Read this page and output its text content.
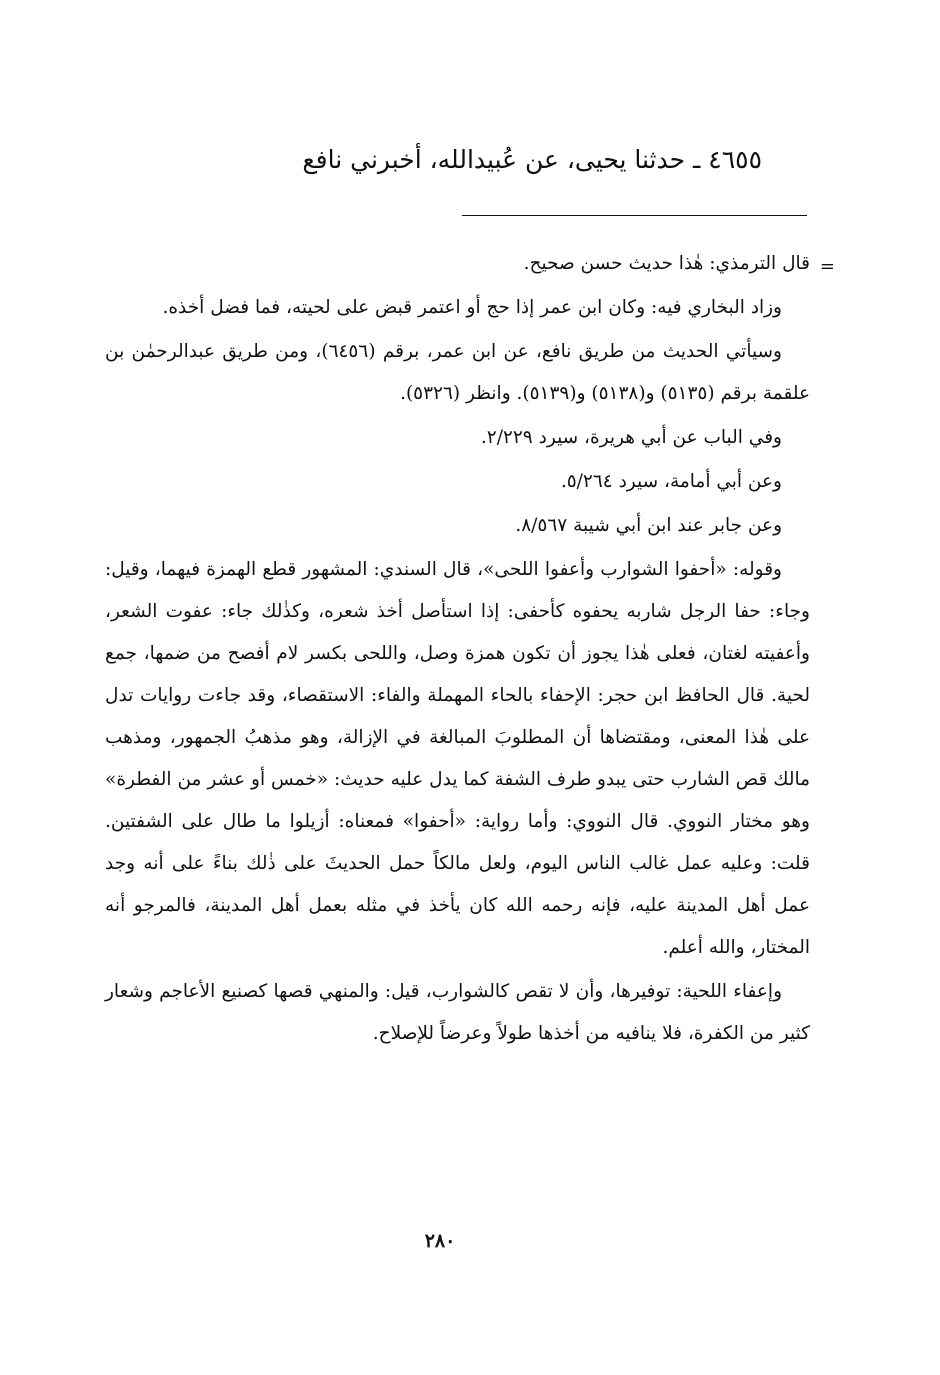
٤٦٥٥ ـ حدثنا يحيى، عن عُبيدالله، أخبرني نافع
=

قال الترمذي: هٰذا حديث حسن صحيح.

وزاد البخاري فيه: وكان ابن عمر إذا حج أو اعتمر قبض على لحيته، فما فضل أخذه.

وسيأتي الحديث من طريق نافع، عن ابن عمر، برقم (٦٤٥٦)، ومن طريق عبدالرحمٰن بن علقمة برقم (٥١٣٥) و(٥١٣٨) و(٥١٣٩). وانظر (٥٣٢٦).

وفي الباب عن أبي هريرة، سيرد ٢/٢٢٩.

وعن أبي أمامة، سيرد ٥/٢٦٤.

وعن جابر عند ابن أبي شيبة ٨/٥٦٧.

وقوله: «أحفوا الشوارب وأعفوا اللحى»، قال السندي: المشهور قطع الهمزة فيهما، وقيل: وجاء: حفا الرجل شاربه يحفوه كأحفى: إذا استأصل أخذ شعره، وكذٰلك جاء: عفوت الشعر، وأعفيته لغتان، فعلى هٰذا يجوز أن تكون همزة وصل، واللحى بكسر لام أفصح من ضمها، جمع لحية. قال الحافظ ابن حجر: الإحفاء بالحاء المهملة والفاء: الاستقصاء، وقد جاءت روايات تدل على هٰذا المعنى، ومقتضاها أن المطلوبَ المبالغة في الإزالة، وهو مذهبُ الجمهور، ومذهب مالك قص الشارب حتى يبدو طرف الشفة كما يدل عليه حديث: «خمس أو عشر من الفطرة» وهو مختار النووي. قال النووي: وأما رواية: «أحفوا» فمعناه: أزيلوا ما طال على الشفتين. قلت: وعليه عمل غالب الناس اليوم، ولعل مالكاً حمل الحديثَ على ذٰلك بناءً على أنه وجد عمل أهل المدينة عليه، فإنه رحمه الله كان يأخذ في مثله بعمل أهل المدينة، فالمرجو أنه المختار، والله أعلم.

وإعفاء اللحية: توفيرها، وأن لا تقص كالشوارب، قيل: والمنهي قصها كصنيع الأعاجم وشعار كثير من الكفرة، فلا ينافيه من أخذها طولاً وعرضاً للإصلاح.

٢٨٠
